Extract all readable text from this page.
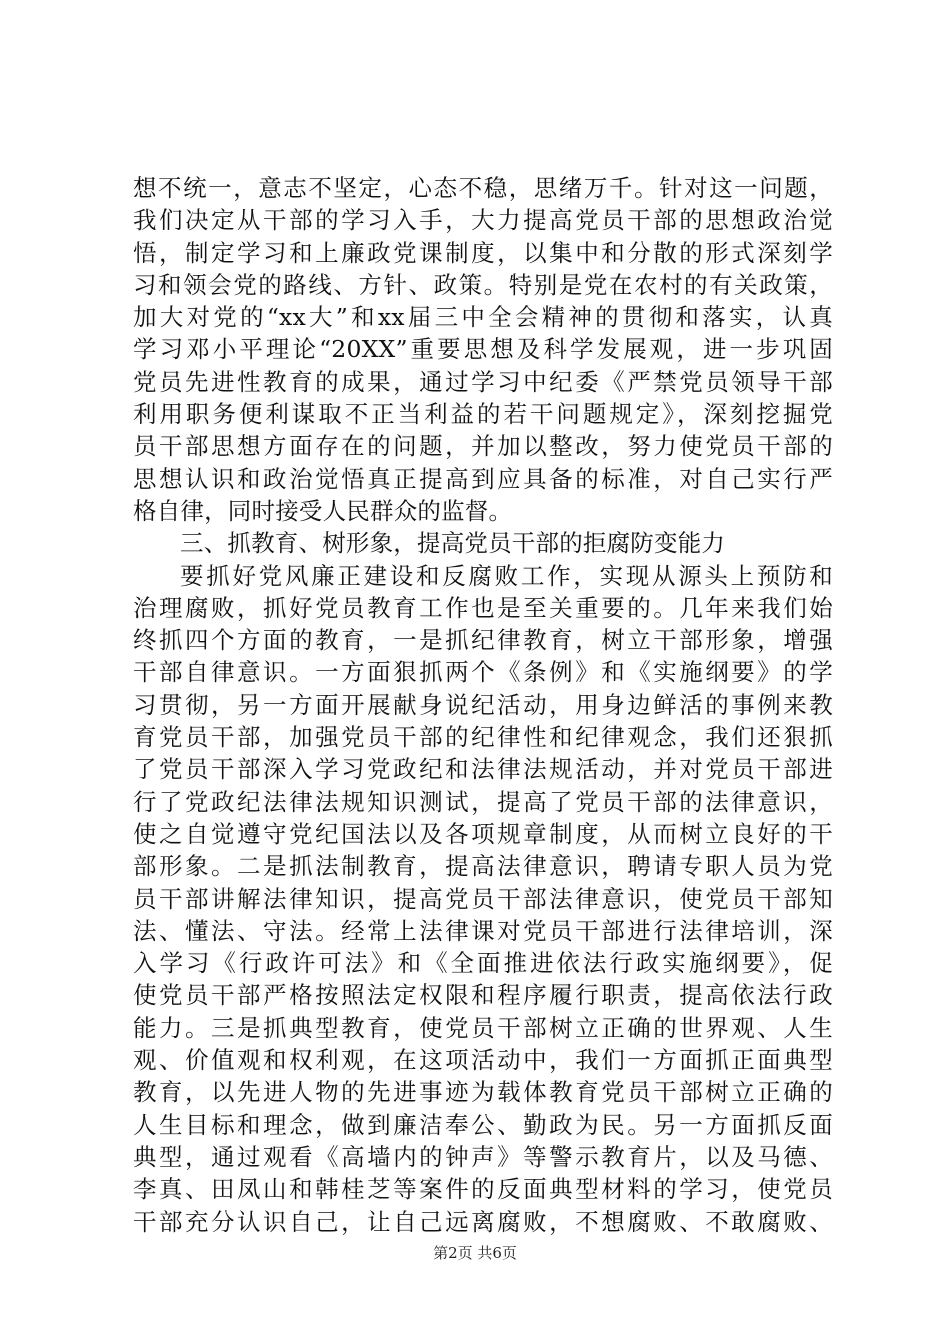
想不统一，意志不坚定，心态不稳，思绪万千。针对这一问题，
我们决定从干部的学习入手，大力提高党员干部的思想政治觉
悟，制定学习和上廉政党课制度，以集中和分散的形式深刻学
习和领会党的路线、方针、政策。特别是党在农村的有关政策，
加大对党的“xx大”和xx届三中全会精神的贯彻和落实，认真
学习邓小平理论“20XX”重要思想及科学发展观，进一步巩固
党员先进性教育的成果，通过学习中纪委《严禁党员领导干部
利用职务便利谋取不正当利益的若干问题规定》，深刻挖掘党
员干部思想方面存在的问题，并加以整改，努力使党员干部的
思想认识和政治觉悟真正提高到应具备的标准，对自己实行严
格自律，同时接受人民群众的监督。
三、抓教育、树形象，提高党员干部的拒腐防变能力
要抓好党风廉正建设和反腐败工作，实现从源头上预防和
治理腐败，抓好党员教育工作也是至关重要的。几年来我们始
终抓四个方面的教育，一是抓纪律教育，树立干部形象，增强
干部自律意识。一方面狠抓两个《条例》和《实施纲要》的学
习贯彻，另一方面开展献身说纪活动，用身边鲜活的事例来教
育党员干部，加强党员干部的纪律性和纪律观念，我们还狠抓
了党员干部深入学习党政纪和法律法规活动，并对党员干部进
行了党政纪法律法规知识测试，提高了党员干部的法律意识，
使之自觉遵守党纪国法以及各项规章制度，从而树立良好的干
部形象。二是抓法制教育，提高法律意识，聘请专职人员为党
员干部讲解法律知识，提高党员干部法律意识，使党员干部知
法、懂法、守法。经常上法律课对党员干部进行法律培训，深
入学习《行政许可法》和《全面推进依法行政实施纲要》，促
使党员干部严格按照法定权限和程序履行职责，提高依法行政
能力。三是抓典型教育，使党员干部树立正确的世界观、人生
观、价值观和权利观，在这项活动中，我们一方面抓正面典型
教育，以先进人物的先进事迹为载体教育党员干部树立正确的
人生目标和理念，做到廉洁奉公、勤政为民。另一方面抓反面
典型，通过观看《高墙内的钟声》等警示教育片，以及马德、
李真、田凤山和韩桂芝等案件的反面典型材料的学习，使党员
干部充分认识自己，让自己远离腐败，不想腐败、不敢腐败、
第2页 共6页
